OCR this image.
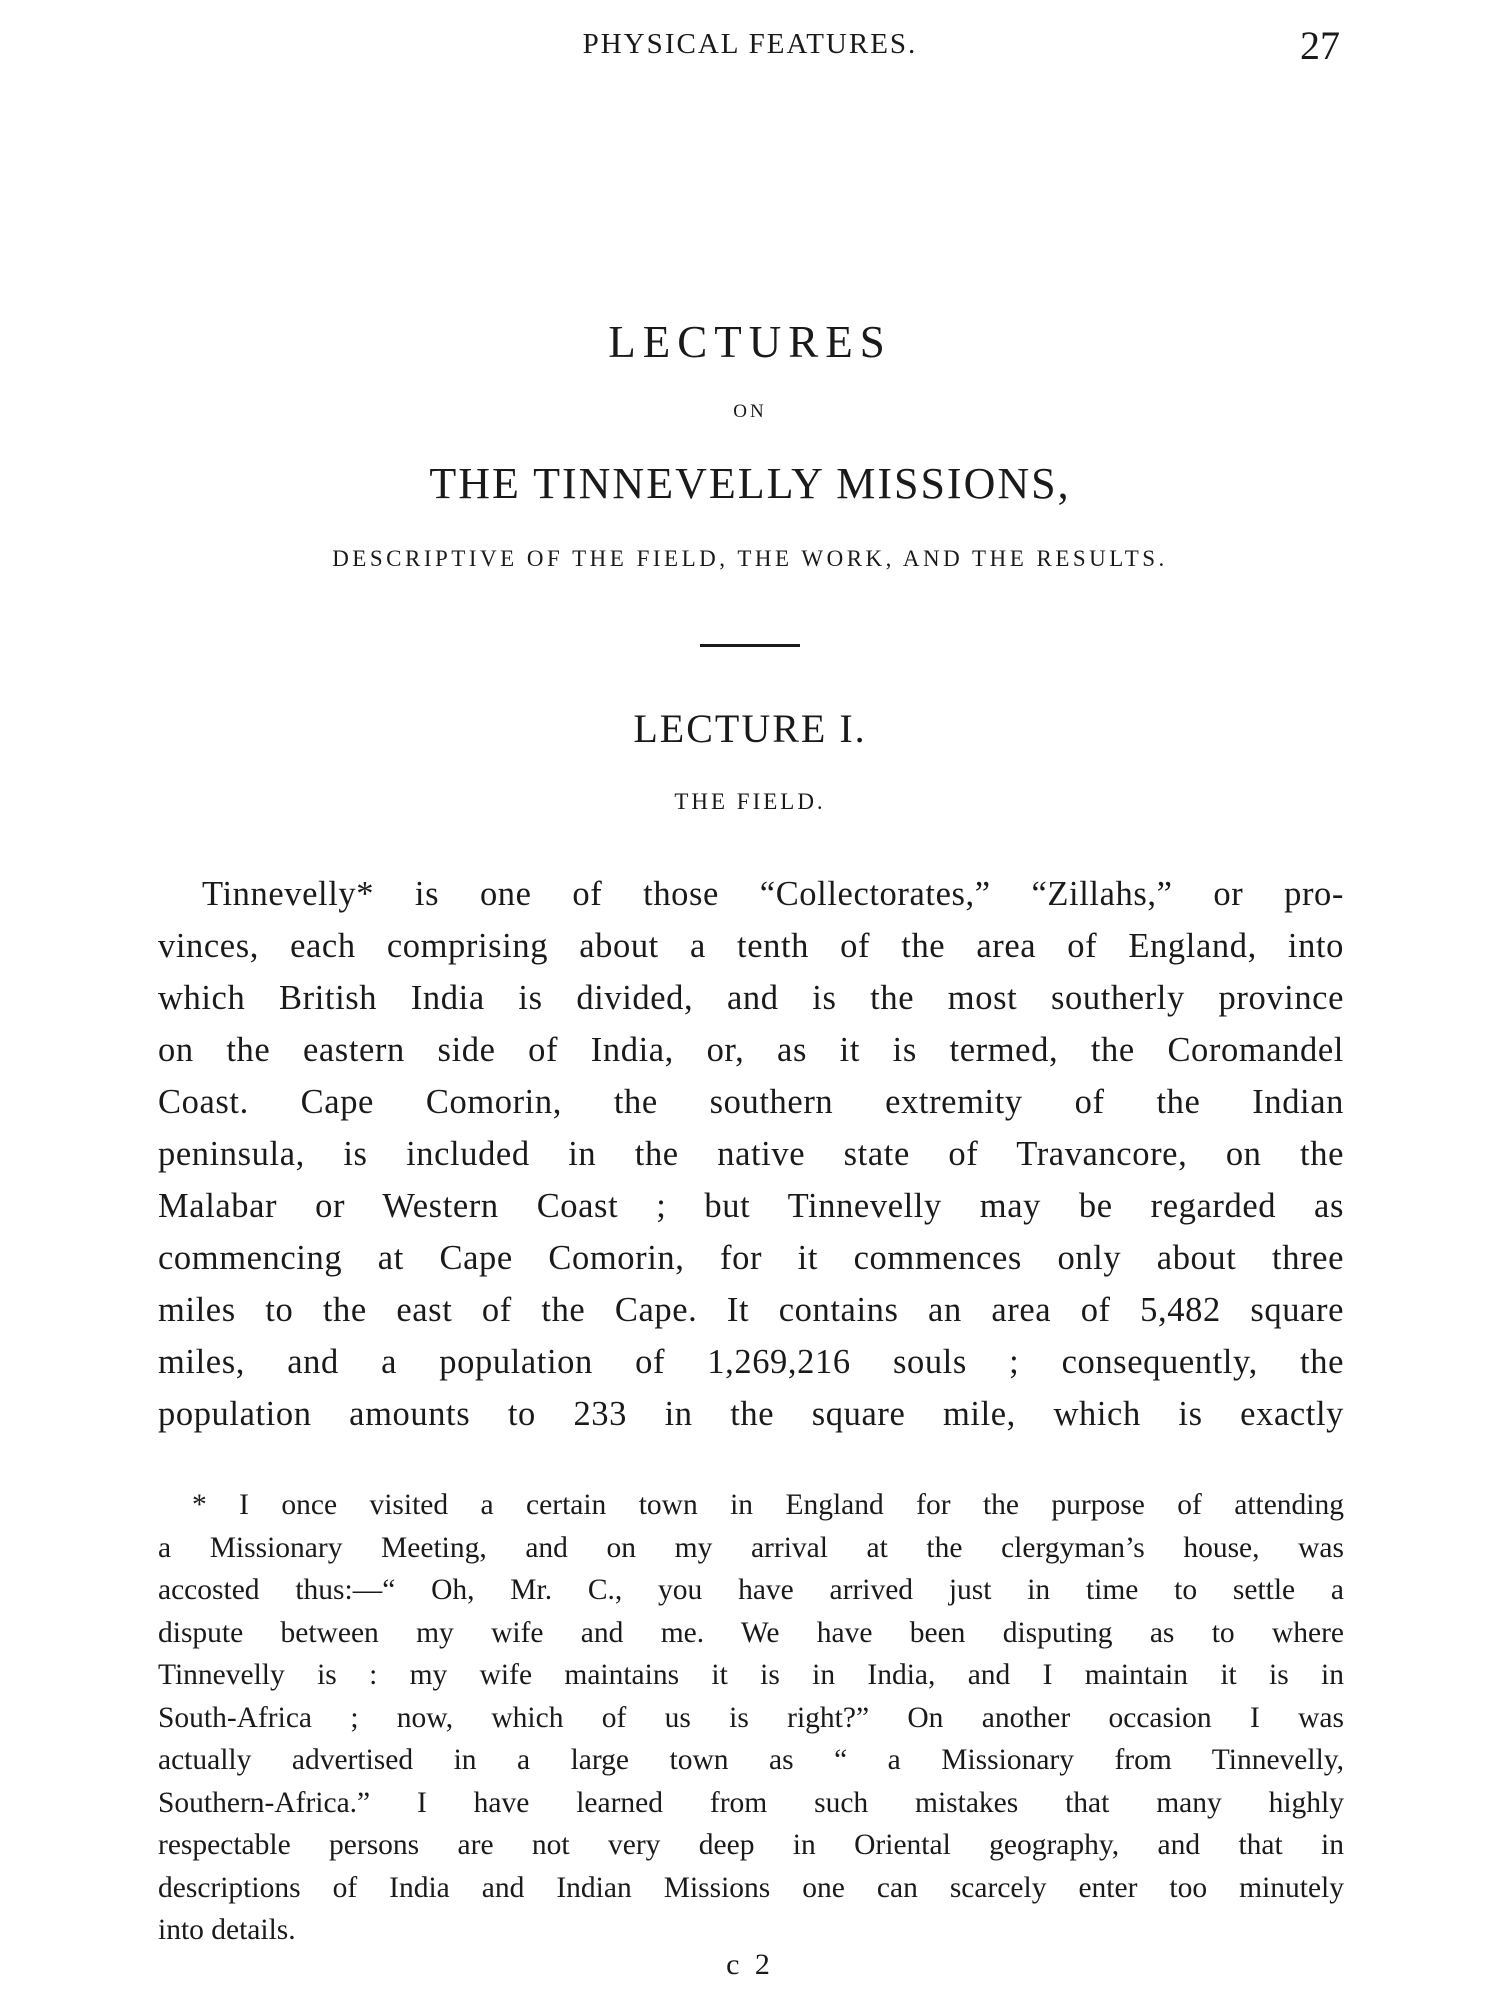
PHYSICAL FEATURES.	27
LECTURES
ON
THE TINNEVELLY MISSIONS,
DESCRIPTIVE OF THE FIELD, THE WORK, AND THE RESULTS.
LECTURE I.
THE FIELD.
Tinnevelly* is one of those “Collectorates,” “Zillahs,” or pro-
vinces, each comprising about a tenth of the area of England, into
which British India is divided, and is the most southerly province
on the eastern side of India, or, as it is termed, the Coromandel
Coast. Cape Comorin, the southern extremity of the Indian
peninsula, is included in the native state of Travancore, on the
Malabar or Western Coast ; but Tinnevelly may be regarded as
commencing at Cape Comorin, for it commences only about three
miles to the east of the Cape. It contains an area of 5,482 square
miles, and a population of 1,269,216 souls ; consequently, the
population amounts to 233 in the square mile, which is exactly
* I once visited a certain town in England for the purpose of attending
a Missionary Meeting, and on my arrival at the clergyman’s house, was
accosted thus:—“ Oh, Mr. C., you have arrived just in time to settle a
dispute between my wife and me. We have been disputing as to where
Tinnevelly is : my wife maintains it is in India, and I maintain it is in
South-Africa ; now, which of us is right?” On another occasion I was
actually advertised in a large town as “ a Missionary from Tinnevelly,
Southern-Africa.” I have learned from such mistakes that many highly
respectable persons are not very deep in Oriental geography, and that in
descriptions of India and Indian Missions one can scarcely enter too minutely
into details.
c 2
